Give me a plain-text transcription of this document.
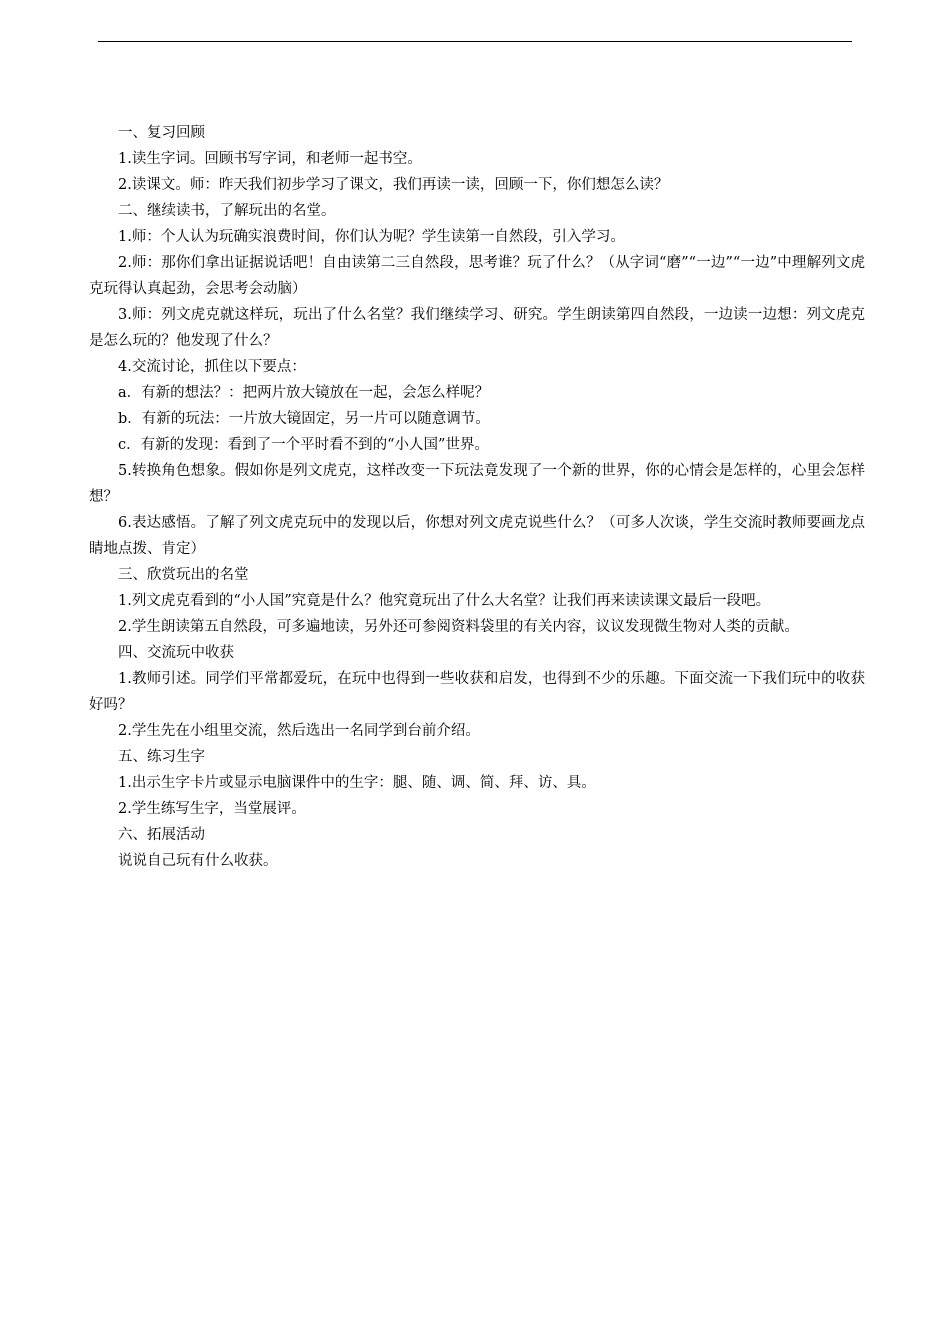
一、复习回顾

1.读生字词。回顾书写字词，和老师一起书空。

2.读课文。师：昨天我们初步学习了课文，我们再读一读，回顾一下，你们想怎么读？

二、继续读书，了解玩出的名堂。

1.师：个人认为玩确实浪费时间，你们认为呢？学生读第一自然段，引入学习。

2.师：那你们拿出证据说话吧！自由读第二三自然段，思考谁？玩了什么？（从字词“磨”“一边”“一边”中理解列文虎克玩得认真起劲，会思考会动脑）

3.师：列文虎克就这样玩，玩出了什么名堂？我们继续学习、研究。学生朗读第四自然段，一边读一边想：列文虎克是怎么玩的？他发现了什么？

4.交流讨论，抓住以下要点：

a．有新的想法？：把两片放大镜放在一起，会怎么样呢？

b．有新的玩法：一片放大镜固定，另一片可以随意调节。

c．有新的发现：看到了一个平时看不到的“小人国”世界。

5.转换角色想象。假如你是列文虎克，这样改变一下玩法竟发现了一个新的世界，你的心情会是怎样的，心里会怎样想？

6.表达感悟。了解了列文虎克玩中的发现以后，你想对列文虎克说些什么？（可多人次谈，学生交流时教师要画龙点睛地点拨、肯定）

三、欣赏玩出的名堂

1.列文虎克看到的“小人国”究竟是什么？他究竟玩出了什么大名堂？让我们再来读读课文最后一段吧。

2.学生朗读第五自然段，可多遍地读，另外还可参阅资料袋里的有关内容，议议发现微生物对人类的贡献。

四、交流玩中收获

1.教师引述。同学们平常都爱玩，在玩中也得到一些收获和启发，也得到不少的乐趣。下面交流一下我们玩中的收获好吗？

2.学生先在小组里交流，然后选出一名同学到台前介绍。

五、练习生字

1.出示生字卡片或显示电脑课件中的生字：腿、随、调、简、拜、访、具。

2.学生练写生字，当堂展评。

六、拓展活动

说说自己玩有什么收获。
